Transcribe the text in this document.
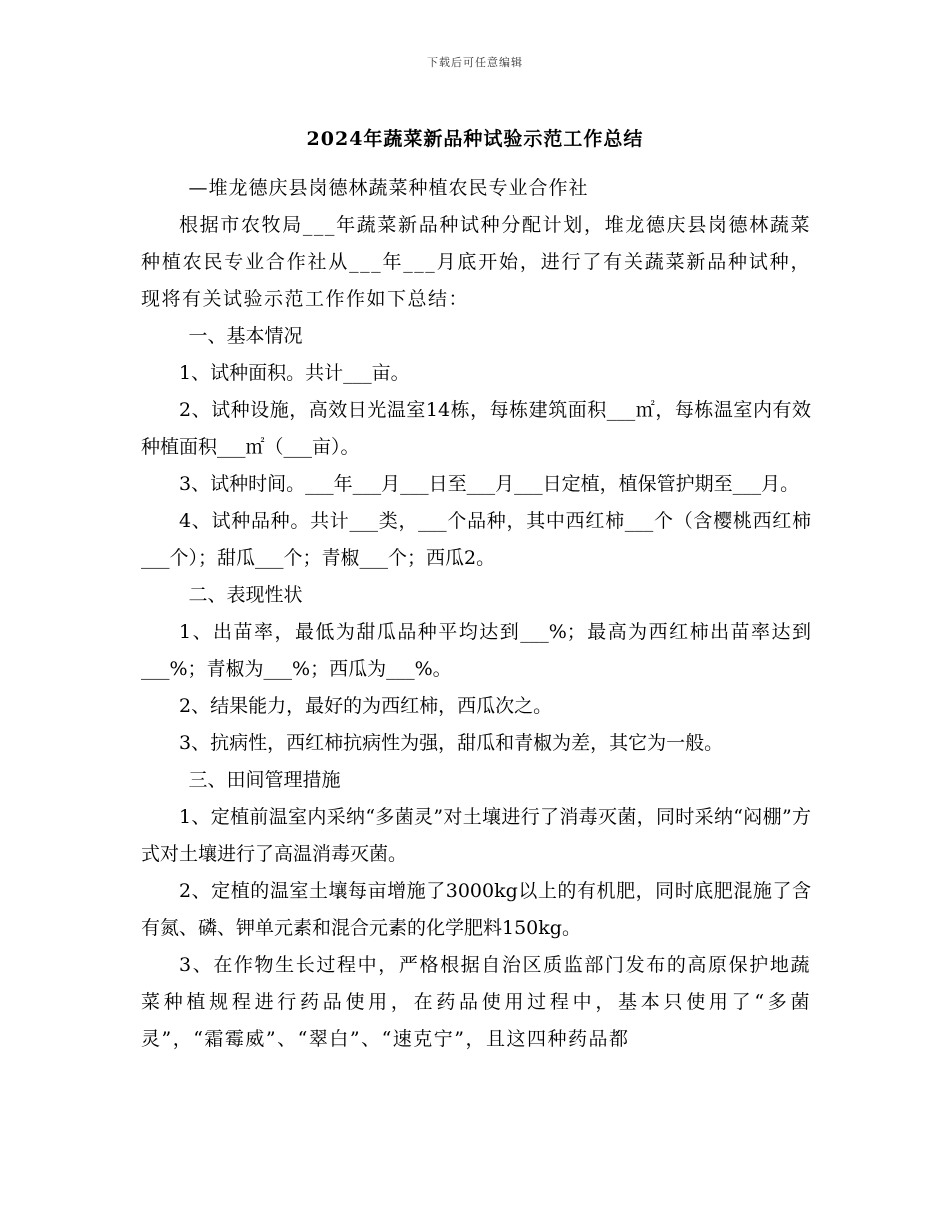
下载后可任意编辑
2024年蔬菜新品种试验示范工作总结

—堆龙德庆县岗德林蔬菜种植农民专业合作社

根据市农牧局___年蔬菜新品种试种分配计划，堆龙德庆县岗德林蔬菜种植农民专业合作社从___年___月底开始，进行了有关蔬菜新品种试种，现将有关试验示范工作作如下总结：

一、基本情况

1、试种面积。共计___亩。

2、试种设施，高效日光温室14栋，每栋建筑面积___㎡，每栋温室内有效种植面积___㎡（___亩）。

3、试种时间。___年___月___日至___月___日定植，植保管护期至___月。

4、试种品种。共计___类，___个品种，其中西红柿___个（含樱桃西红柿___个）；甜瓜___个；青椒___个；西瓜2。

二、表现性状

1、出苗率，最低为甜瓜品种平均达到___%；最高为西红柿出苗率达到___%；青椒为___%；西瓜为___%。

2、结果能力，最好的为西红柿，西瓜次之。

3、抗病性，西红柿抗病性为强，甜瓜和青椒为差，其它为一般。

三、田间管理措施

1、定植前温室内采纳“多菌灵”对土壤进行了消毒灭菌，同时采纳“闷棚”方式对土壤进行了高温消毒灭菌。

2、定植的温室土壤每亩增施了3000kg以上的有机肥，同时底肥混施了含有氮、磷、钾单元素和混合元素的化学肥料150kg。

3、在作物生长过程中，严格根据自治区质监部门发布的高原保护地蔬菜种植规程进行药品使用，在药品使用过程中，基本只使用了“多菌灵”，“霜霉威”、“翠白”、“速克宁”，且这四种药品都
